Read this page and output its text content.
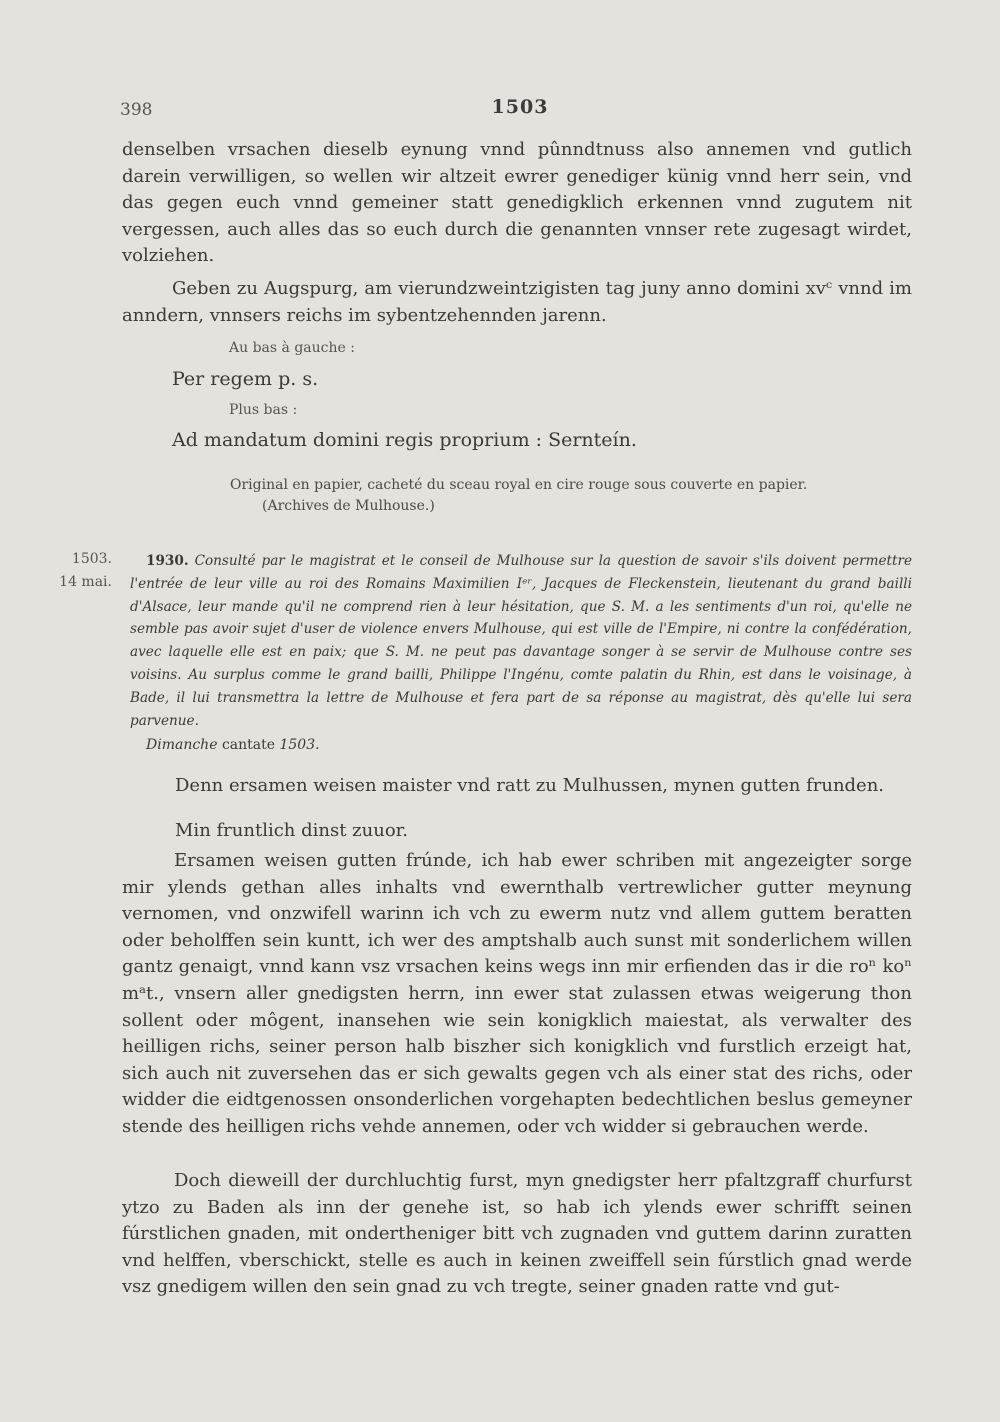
398	1503
denselben vrsachen dieselb eynung vnnd pûnndtnuss also annemen vnd gutlich darein verwilligen, so wellen wir altzeit ewrer genediger künig vnnd herr sein, vnd das gegen euch vnnd gemeiner statt genedigklich erkennen vnnd zugutem nit vergessen, auch alles das so euch durch die genannten vnnser rete zugesagt wirdet, volziehen.
Geben zu Augspurg, am vierundzweintzigisten tag juny anno domini xvᶜ vnnd im anndern, vnnsers reichs im sybentzehennden jarenn.
Au bas à gauche :
Per regem p. s.
Plus bas :
Ad mandatum domini regis proprium : Sernteín.
Original en papier, cacheté du sceau royal en cire rouge sous couverte en papier.
(Archives de Mulhouse.)
1503.
14 mai.
1930. Consulté par le magistrat et le conseil de Mulhouse sur la question de savoir s'ils doivent permettre l'entrée de leur ville au roi des Romains Maximilien Iᵉʳ, Jacques de Fleckenstein, lieutenant du grand bailli d'Alsace, leur mande qu'il ne comprend rien à leur hésitation, que S. M. a les sentiments d'un roi, qu'elle ne semble pas avoir sujet d'user de violence envers Mulhouse, qui est ville de l'Empire, ni contre la confédération, avec laquelle elle est en paix; que S. M. ne peut pas davantage songer à se servir de Mulhouse contre ses voisins. Au surplus comme le grand bailli, Philippe l'Ingénu, comte palatin du Rhin, est dans le voisinage, à Bade, il lui transmettra la lettre de Mulhouse et fera part de sa réponse au magistrat, dès qu'elle lui sera parvenue.
Dimanche cantate 1503.
Denn ersamen weisen maister vnd ratt zu Mulhussen, mynen gutten frunden.
Min fruntlich dinst zuuor.
Ersamen weisen gutten frúnde, ich hab ewer schriben mit angezeigter sorge mir ylends gethan alles inhalts vnd ewernthalb vertrewlicher gutter meynung vernomen, vnd onzwifell warinn ich vch zu ewerm nutz vnd allem guttem beratten oder beholffen sein kuntt, ich wer des amptshalb auch sunst mit sonderlichem willen gantz genaigt, vnnd kann vsz vrsachen keins wegs inn mir erfienden das ir die roⁿ koⁿ mᵃt., vnsern aller gnedigsten herrn, inn ewer stat zulassen etwas weigerung thon sollent oder môgent, inansehen wie sein konigklich maiestat, als verwalter des heilligen richs, seiner person halb biszher sich konigklich vnd furstlich erzeigt hat, sich auch nit zuversehen das er sich gewalts gegen vch als einer stat des richs, oder widder die eidtgenossen onsonderlichen vorgehapten bedechtlichen beslus gemeyner stende des heilligen richs vehde annemen, oder vch widder si gebrauchen werde.
Doch dieweill der durchluchtig furst, myn gnedigster herr pfaltzgraff churfurst ytzo zu Baden als inn der genehe ist, so hab ich ylends ewer schrifft seinen fúrstlichen gnaden, mit ondertheniger bitt vch zugnaden vnd guttem darinn zuratten vnd helffen, vberschickt, stelle es auch in keinen zweiffell sein fúrstlich gnad werde vsz gnedigem willen den sein gnad zu vch tregte, seiner gnaden ratte vnd gut-
